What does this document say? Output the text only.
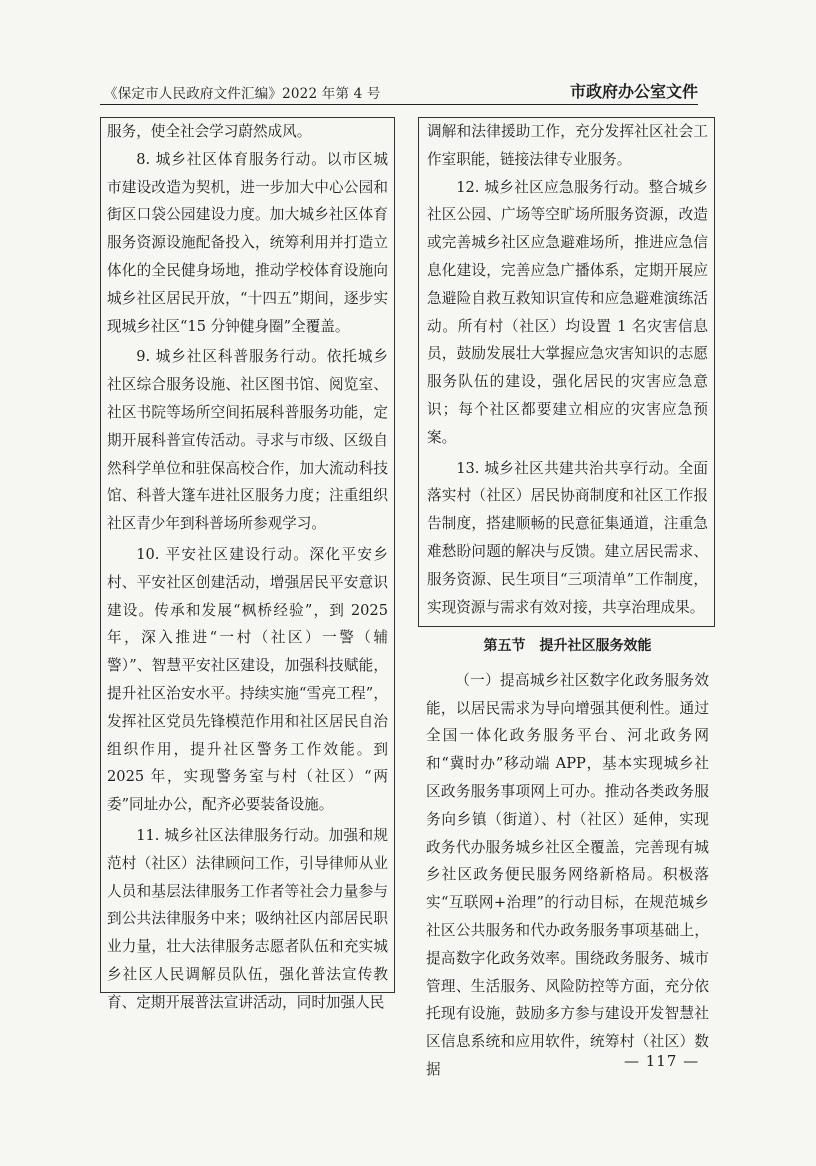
《保定市人民政府文件汇编》2022 年第 4 号	市政府办公室文件

服务，使全社会学习蔚然成风。

8. 城乡社区体育服务行动。以市区城市建设改造为契机，进一步加大中心公园和街区口袋公园建设力度。加大城乡社区体育服务资源设施配备投入，统筹利用并打造立体化的全民健身场地，推动学校体育设施向城乡社区居民开放，“十四五”期间，逐步实现城乡社区“15 分钟健身圈”全覆盖。

9. 城乡社区科普服务行动。依托城乡社区综合服务设施、社区图书馆、阅览室、社区书院等场所空间拓展科普服务功能，定期开展科普宣传活动。寻求与市级、区级自然科学单位和驻保高校合作，加大流动科技馆、科普大篷车进社区服务力度；注重组织社区青少年到科普场所参观学习。

10. 平安社区建设行动。深化平安乡村、平安社区创建活动，增强居民平安意识建设。传承和发展“枫桥经验”，到 2025 年，深入推进“一村（社区）一警（辅警）”、智慧平安社区建设，加强科技赋能，提升社区治安水平。持续实施“雪亮工程”，发挥社区党员先锋模范作用和社区居民自治组织作用，提升社区警务工作效能。到 2025 年，实现警务室与村（社区）“两委”同址办公，配齐必要装备设施。

11. 城乡社区法律服务行动。加强和规范村（社区）法律顾问工作，引导律师从业人员和基层法律服务工作者等社会力量参与到公共法律服务中来；吸纳社区内部居民职业力量，壮大法律服务志愿者队伍和充实城乡社区人民调解员队伍，强化普法宣传教育、定期开展普法宣讲活动，同时加强人民

调解和法律援助工作，充分发挥社区社会工作室职能，链接法律专业服务。

12. 城乡社区应急服务行动。整合城乡社区公园、广场等空旷场所服务资源，改造或完善城乡社区应急避难场所，推进应急信息化建设，完善应急广播体系，定期开展应急避险自救互救知识宣传和应急避难演练活动。所有村（社区）均设置 1 名灾害信息员，鼓励发展壮大掌握应急灾害知识的志愿服务队伍的建设，强化居民的灾害应急意识；每个社区都要建立相应的灾害应急预案。

13. 城乡社区共建共治共享行动。全面落实村（社区）居民协商制度和社区工作报告制度，搭建顺畅的民意征集通道，注重急难愁盼问题的解决与反馈。建立居民需求、服务资源、民生项目“三项清单”工作制度，实现资源与需求有效对接，共享治理成果。

第五节　提升社区服务效能

（一）提高城乡社区数字化政务服务效能，以居民需求为导向增强其便利性。通过全国一体化政务服务平台、河北政务网和“冀时办”移动端 APP，基本实现城乡社区政务服务事项网上可办。推动各类政务服务向乡镇（街道）、村（社区）延伸，实现政务代办服务城乡社区全覆盖，完善现有城乡社区政务便民服务网络新格局。积极落实“互联网+治理”的行动目标，在规范城乡社区公共服务和代办政务服务事项基础上，提高数字化政务效率。围绕政务服务、城市管理、生活服务、风险防控等方面，充分依托现有设施，鼓励多方参与建设开发智慧社区信息系统和应用软件，统筹村（社区）数据	— 117 —
